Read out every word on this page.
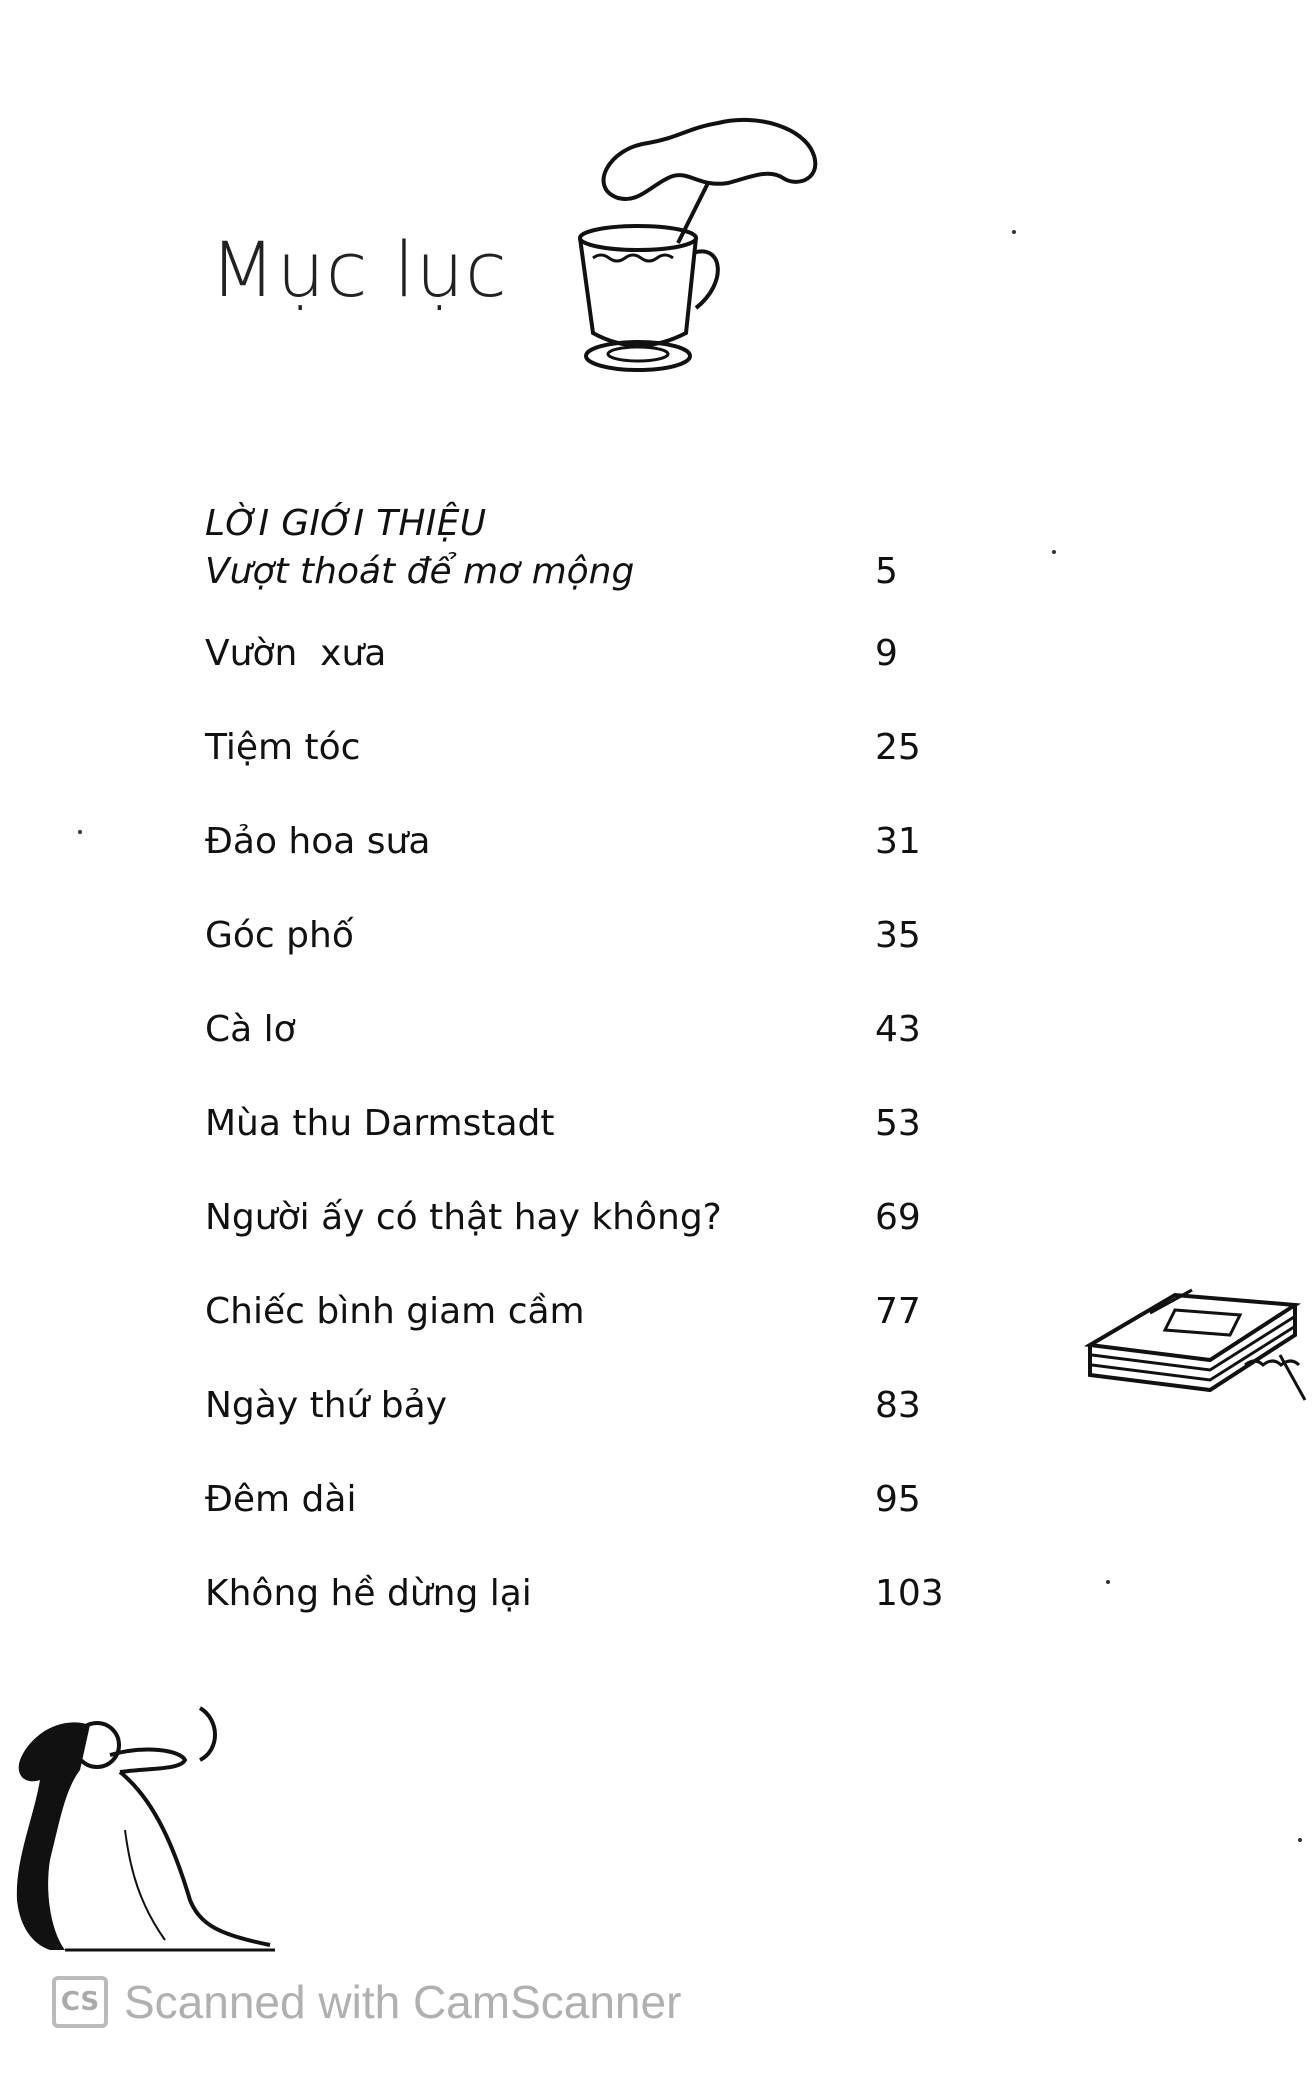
Mục lục

LỜI GIỚI THIỆU

Vượt thoát để mơ mộng	5
Vườn  xưa	9
Tiệm tóc	25
Đảo hoa sưa	31
Góc phố	35
Cà lơ	43
Mùa thu Darmstadt	53
Người ấy có thật hay không?	69
Chiếc bình giam cầm	77
Ngày thứ bảy	83
Đêm dài	95
Không hề dừng lại	103
CS Scanned with CamScanner
